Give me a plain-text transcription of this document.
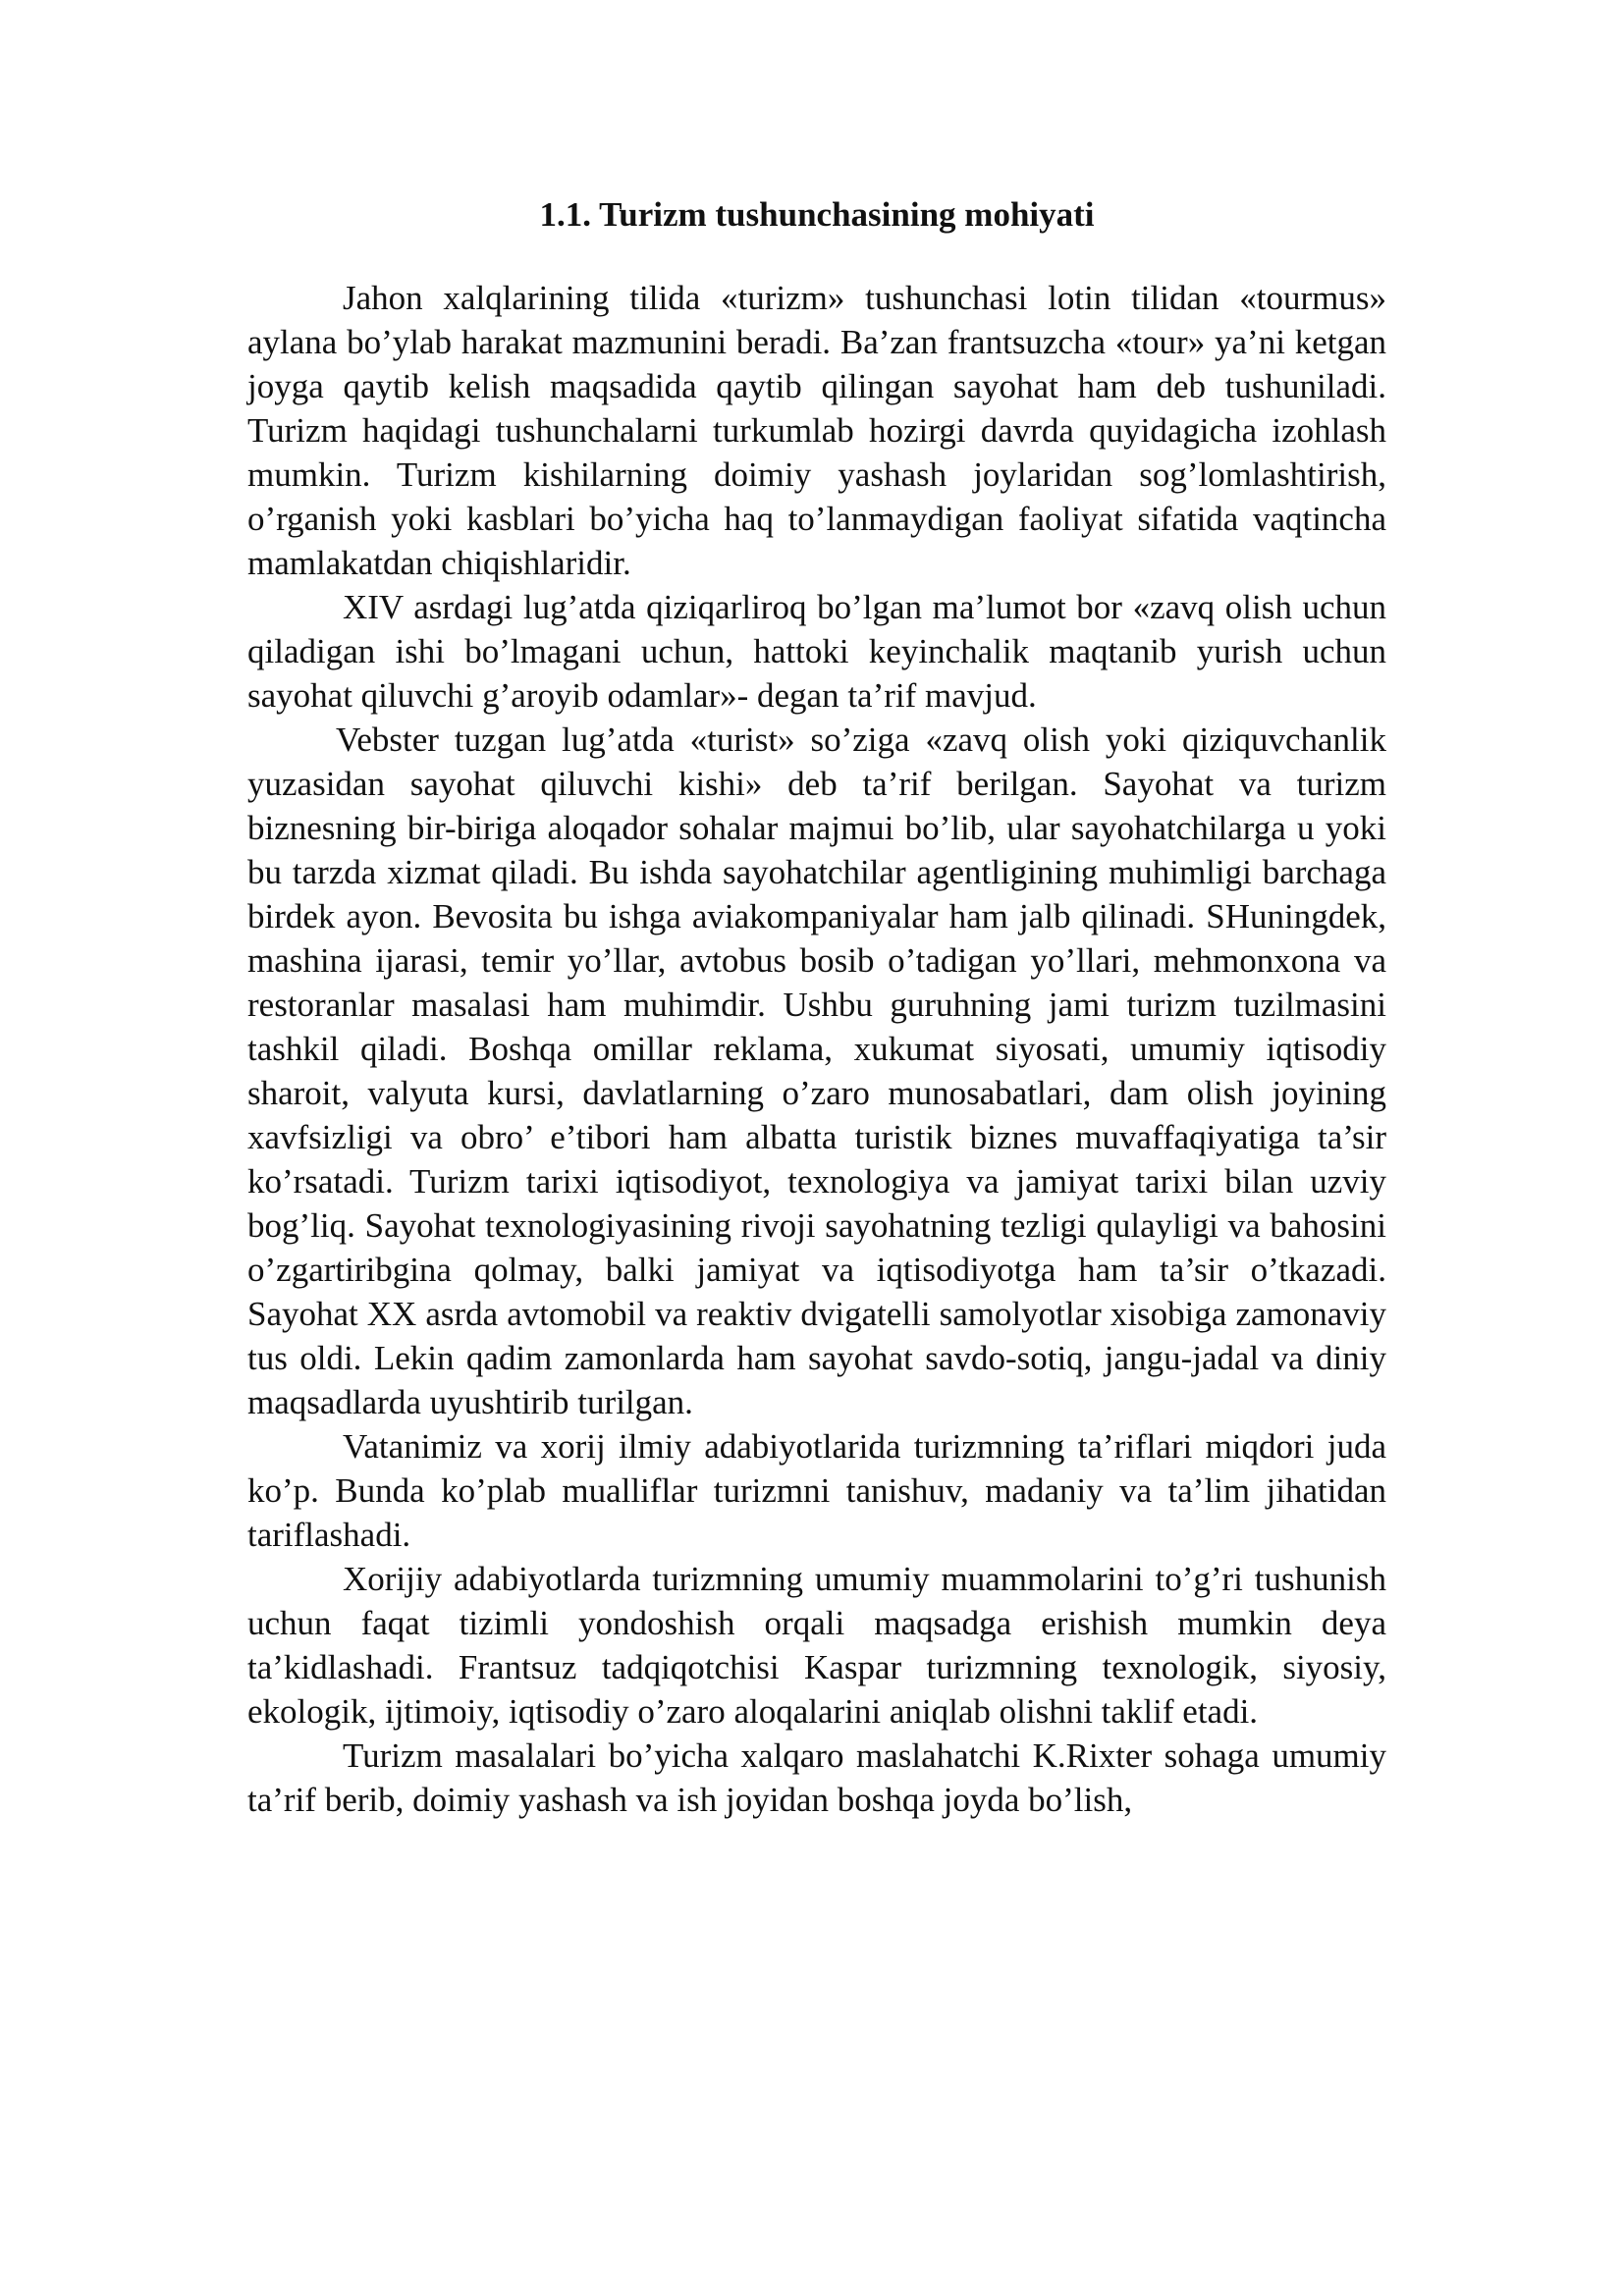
1.1. Turizm tushunchasining mohiyati

Jahon xalqlarining tilida «turizm» tushunchasi lotin tilidan «tourmus» aylana bo’ylab harakat mazmunini beradi. Ba’zan frantsuzcha «tour» ya’ni ketgan joyga qaytib kelish maqsadida qaytib qilingan sayohat ham deb tushuniladi. Turizm haqidagi tushunchalarni turkumlab hozirgi davrda quyidagicha izohlash mumkin. Turizm kishilarning doimiy yashash joylaridan sog’lomlashtirish, o’rganish yoki kasblari bo’yicha haq to’lanmaydigan faoliyat sifatida vaqtincha mamlakatdan chiqishlaridir.

XIV asrdagi lug’atda qiziqarliroq bo’lgan ma’lumot bor «zavq olish uchun qiladigan ishi bo’lmagani uchun, hattoki keyinchalik maqtanib yurish uchun sayohat qiluvchi g’aroyib odamlar»- degan ta’rif mavjud.

Vebster tuzgan lug’atda «turist» so’ziga «zavq olish yoki qiziquvchanlik yuzasidan sayohat qiluvchi kishi» deb ta’rif berilgan. Sayohat va turizm biznesning bir-biriga aloqador sohalar majmui bo’lib, ular sayohatchilarga u yoki bu tarzda xizmat qiladi. Bu ishda sayohatchilar agentligining muhimligi barchaga birdek ayon. Bevosita bu ishga aviakompaniyalar ham jalb qilinadi. SHuningdek, mashina ijarasi, temir yo’llar, avtobus bosib o’tadigan yo’llari, mehmonxona va restoranlar masalasi ham muhimdir. Ushbu guruhning jami turizm tuzilmasini tashkil qiladi. Boshqa omillar reklama, xukumat siyosati, umumiy iqtisodiy sharoit, valyuta kursi, davlatlarning o’zaro munosabatlari, dam olish joyining xavfsizligi va obro’ e’tibori ham albatta turistik biznes muvaffaqiyatiga ta’sir ko’rsatadi. Turizm tarixi iqtisodiyot, texnologiya va jamiyat tarixi bilan uzviy bog’liq. Sayohat texnologiyasining rivoji sayohatning tezligi qulayligi va bahosini o’zgartiribgina qolmay, balki jamiyat va iqtisodiyotga ham ta’sir o’tkazadi. Sayohat XX asrda avtomobil va reaktiv dvigatelli samolyotlar xisobiga zamonaviy tus oldi. Lekin qadim zamonlarda ham sayohat savdo-sotiq, jangu-jadal va diniy maqsadlarda uyushtirib turilgan.

Vatanimiz va xorij ilmiy adabiyotlarida turizmning ta’riflari miqdori juda ko’p. Bunda ko’plab mualliflar turizmni tanishuv, madaniy va ta’lim jihatidan tariflashadi.

Xorijiy adabiyotlarda turizmning umumiy muammolarini to’g’ri tushunish uchun faqat tizimli yondoshish orqali maqsadga erishish mumkin deya ta’kidlashadi. Frantsuz tadqiqotchisi Kaspar turizmning texnologik, siyosiy, ekologik, ijtimoiy, iqtisodiy o’zaro aloqalarini aniqlab olishni taklif etadi.

Turizm masalalari bo’yicha xalqaro maslahatchi K.Rixter sohaga umumiy ta’rif berib, doimiy yashash va ish joyidan boshqa joyda bo’lish,
